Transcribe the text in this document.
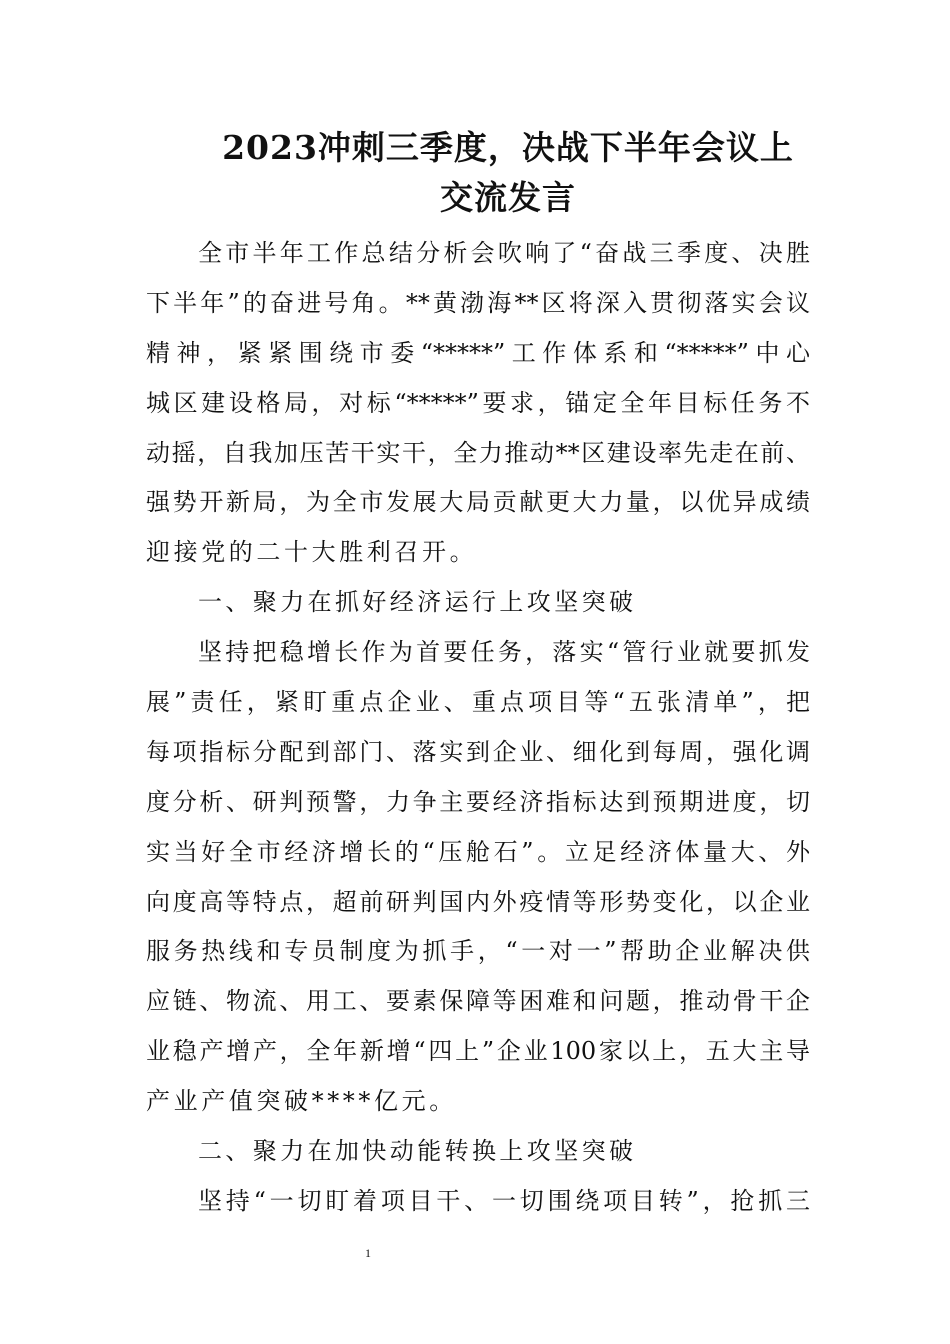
2023冲刺三季度，决战下半年会议上
交流发言
全市半年工作总结分析会吹响了“奋战三季度、决胜
下半年”的奋进号角。**黄渤海**区将深入贯彻落实会议
精神，紧紧围绕市委“*****”工作体系和“*****”中心
城区建设格局，对标“*****”要求，锚定全年目标任务不
动摇，自我加压苦干实干，全力推动**区建设率先走在前、
强势开新局，为全市发展大局贡献更大力量，以优异成绩
迎接党的二十大胜利召开。
一、聚力在抓好经济运行上攻坚突破
坚持把稳增长作为首要任务，落实“管行业就要抓发
展”责任，紧盯重点企业、重点项目等“五张清单”，把
每项指标分配到部门、落实到企业、细化到每周，强化调
度分析、研判预警，力争主要经济指标达到预期进度，切
实当好全市经济增长的“压舱石”。立足经济体量大、外
向度高等特点，超前研判国内外疫情等形势变化，以企业
服务热线和专员制度为抓手，“一对一”帮助企业解决供
应链、物流、用工、要素保障等困难和问题，推动骨干企
业稳产增产，全年新增“四上”企业100家以上，五大主导
产业产值突破****亿元。
二、聚力在加快动能转换上攻坚突破
坚持“一切盯着项目干、一切围绕项目转”，抢抓三
1
